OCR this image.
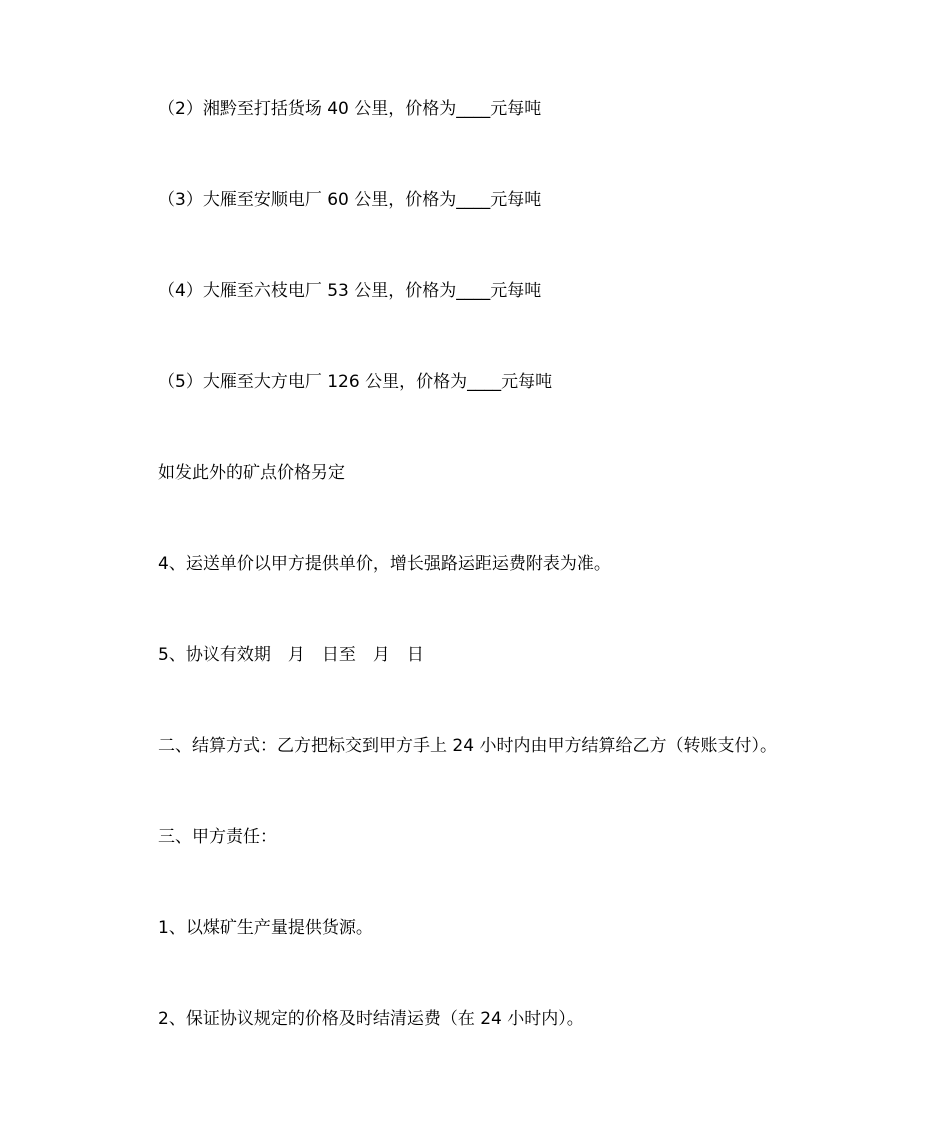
（2）湘黔至打括货场 40 公里，价格为____元每吨
（3）大雁至安顺电厂 60 公里，价格为____元每吨
（4）大雁至六枝电厂 53 公里，价格为____元每吨
（5）大雁至大方电厂 126 公里，价格为____元每吨
如发此外的矿点价格另定
4、运送单价以甲方提供单价，增长强路运距运费附表为准。
5、协议有效期　月　日至　月　日
二、结算方式：乙方把标交到甲方手上 24 小时内由甲方结算给乙方（转账支付）。
三、甲方责任：
1、以煤矿生产量提供货源。
2、保证协议规定的价格及时结清运费（在 24 小时内）。
